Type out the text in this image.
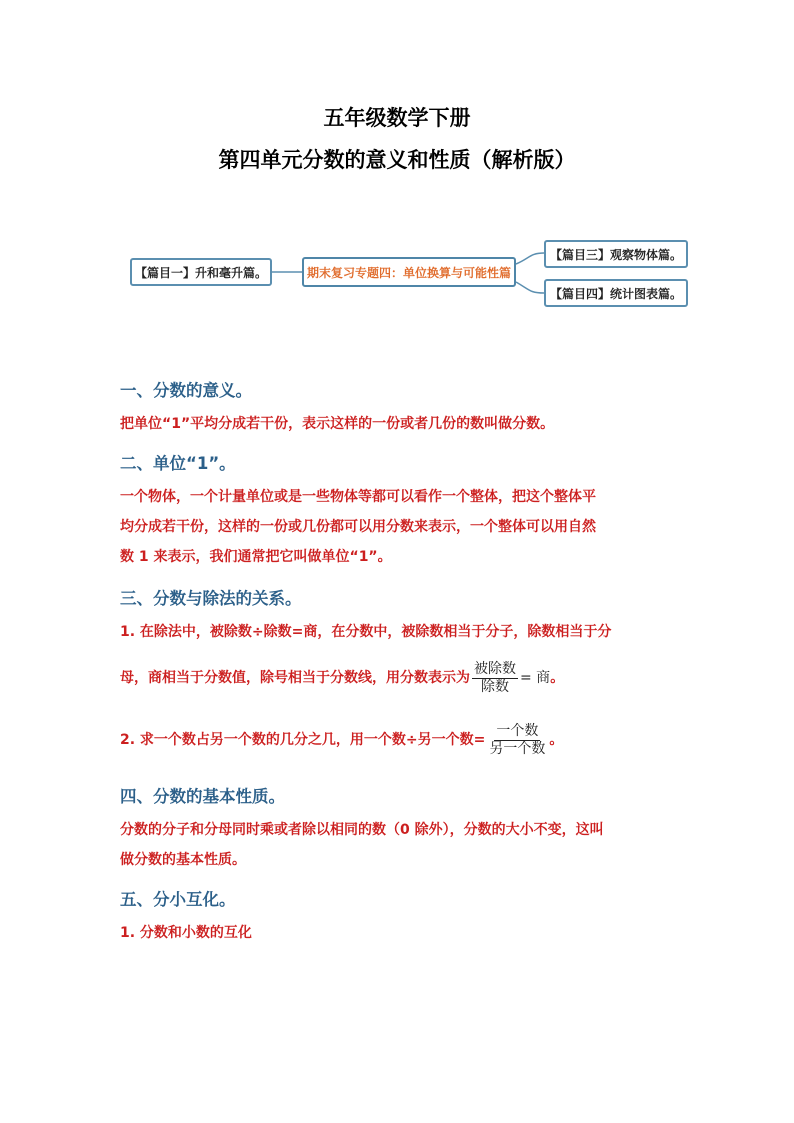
五年级数学下册
第四单元分数的意义和性质（解析版）
【篇目一】升和毫升篇。	期末复习专题四：单位换算与可能性篇
【篇目三】观察物体篇。
【篇目四】统计图表篇。
一、分数的意义。
把单位“1”平均分成若干份，表示这样的一份或者几份的数叫做分数。
二、单位“1”。
一个物体，一个计量单位或是一些物体等都可以看作一个整体，把这个整体平
均分成若干份，这样的一份或几份都可以用分数来表示，一个整体可以用自然
数 1 来表示，我们通常把它叫做单位“1”。
三、分数与除法的关系。
1. 在除法中，被除数÷除数=商，在分数中，被除数相当于分子，除数相当于分
母，商相当于分数值，除号相当于分数线，用分数表示为 $\frac{\text{被除数}}{\text{除数}}$ = 商。
2. 求一个数占另一个数的几分之几，用一个数÷另一个数= $\frac{\text{一个数}}{\text{另一个数}}$ 。
四、分数的基本性质。
分数的分子和分母同时乘或者除以相同的数（0 除外），分数的大小不变，这叫
做分数的基本性质。
五、分小互化。
1. 分数和小数的互化
